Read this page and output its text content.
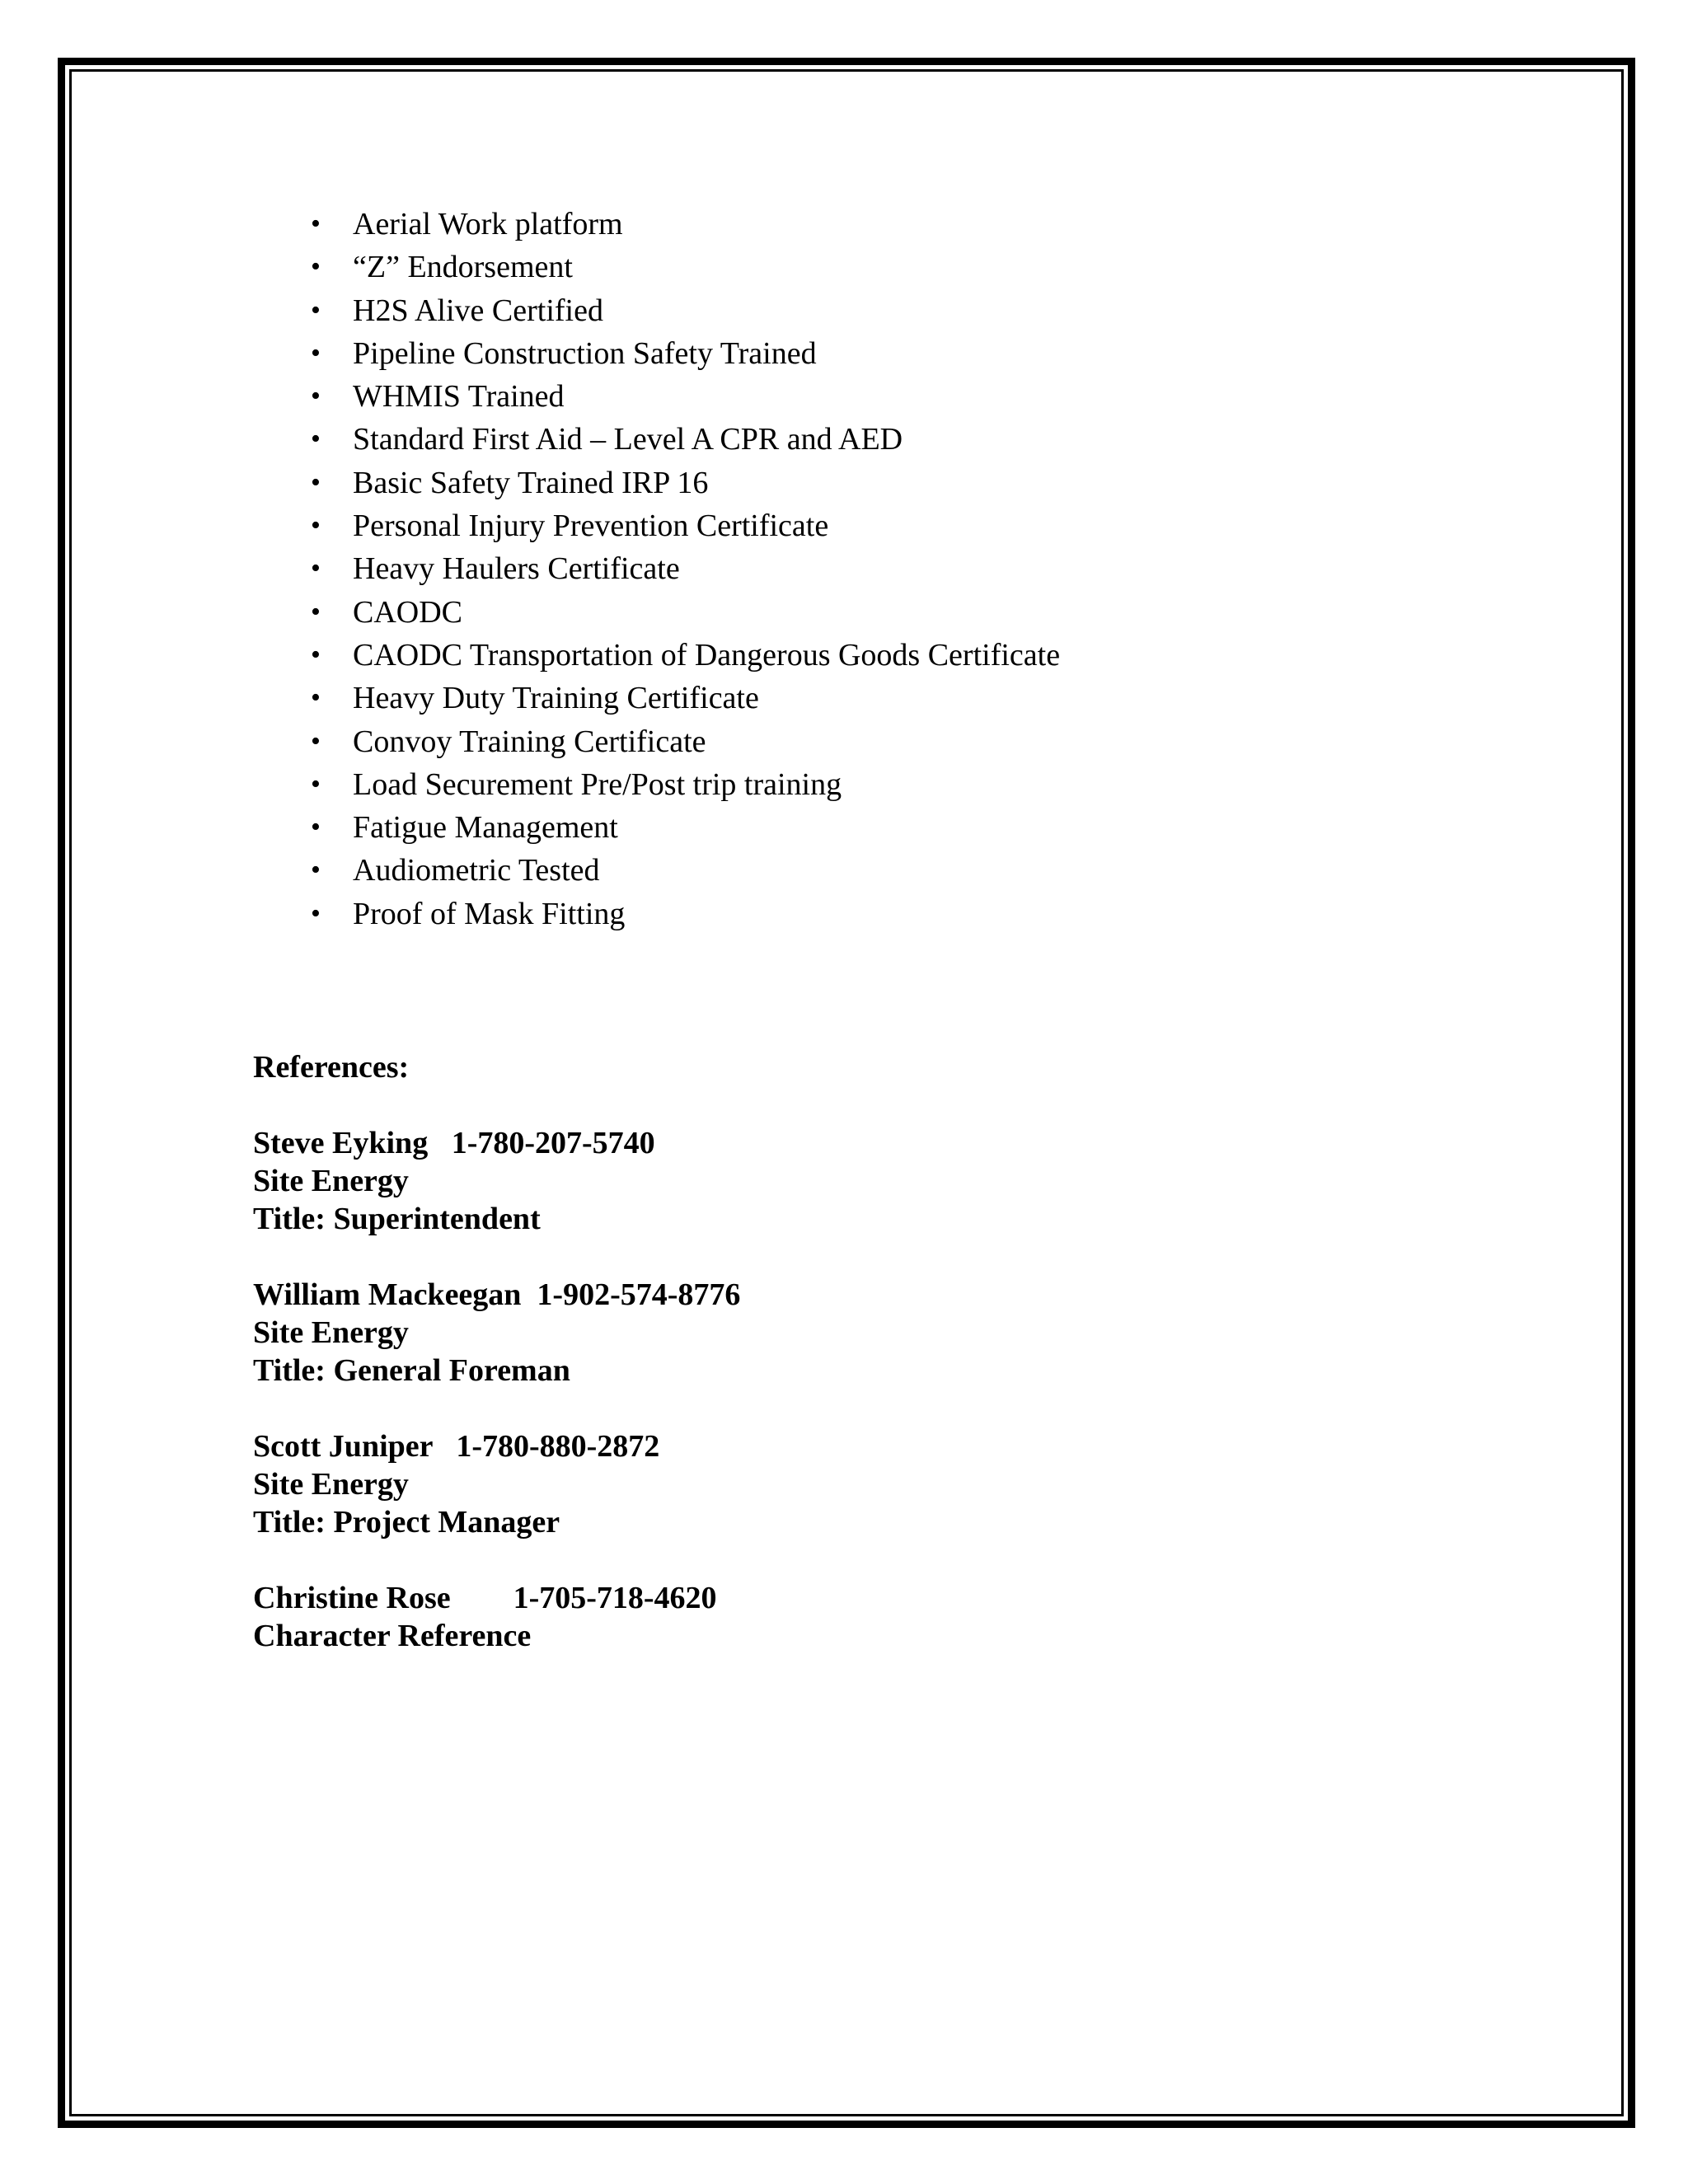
• Aerial Work platform
• “Z” Endorsement
• H2S Alive Certified
• Pipeline Construction Safety Trained
• WHMIS Trained
• Standard First Aid – Level A CPR and AED
• Basic Safety Trained IRP 16
• Personal Injury Prevention Certificate
• Heavy Haulers Certificate
• CAODC
• CAODC Transportation of Dangerous Goods Certificate
• Heavy Duty Training Certificate
• Convoy Training Certificate
• Load Securement Pre/Post trip training
• Fatigue Management
• Audiometric Tested
• Proof of Mask Fitting
References:
Steve Eyking   1-780-207-5740
Site Energy
Title: Superintendent
William Mackeegan  1-902-574-8776
Site Energy
Title: General Foreman
Scott Juniper   1-780-880-2872
Site Energy
Title: Project Manager
Christine Rose        1-705-718-4620
Character Reference
